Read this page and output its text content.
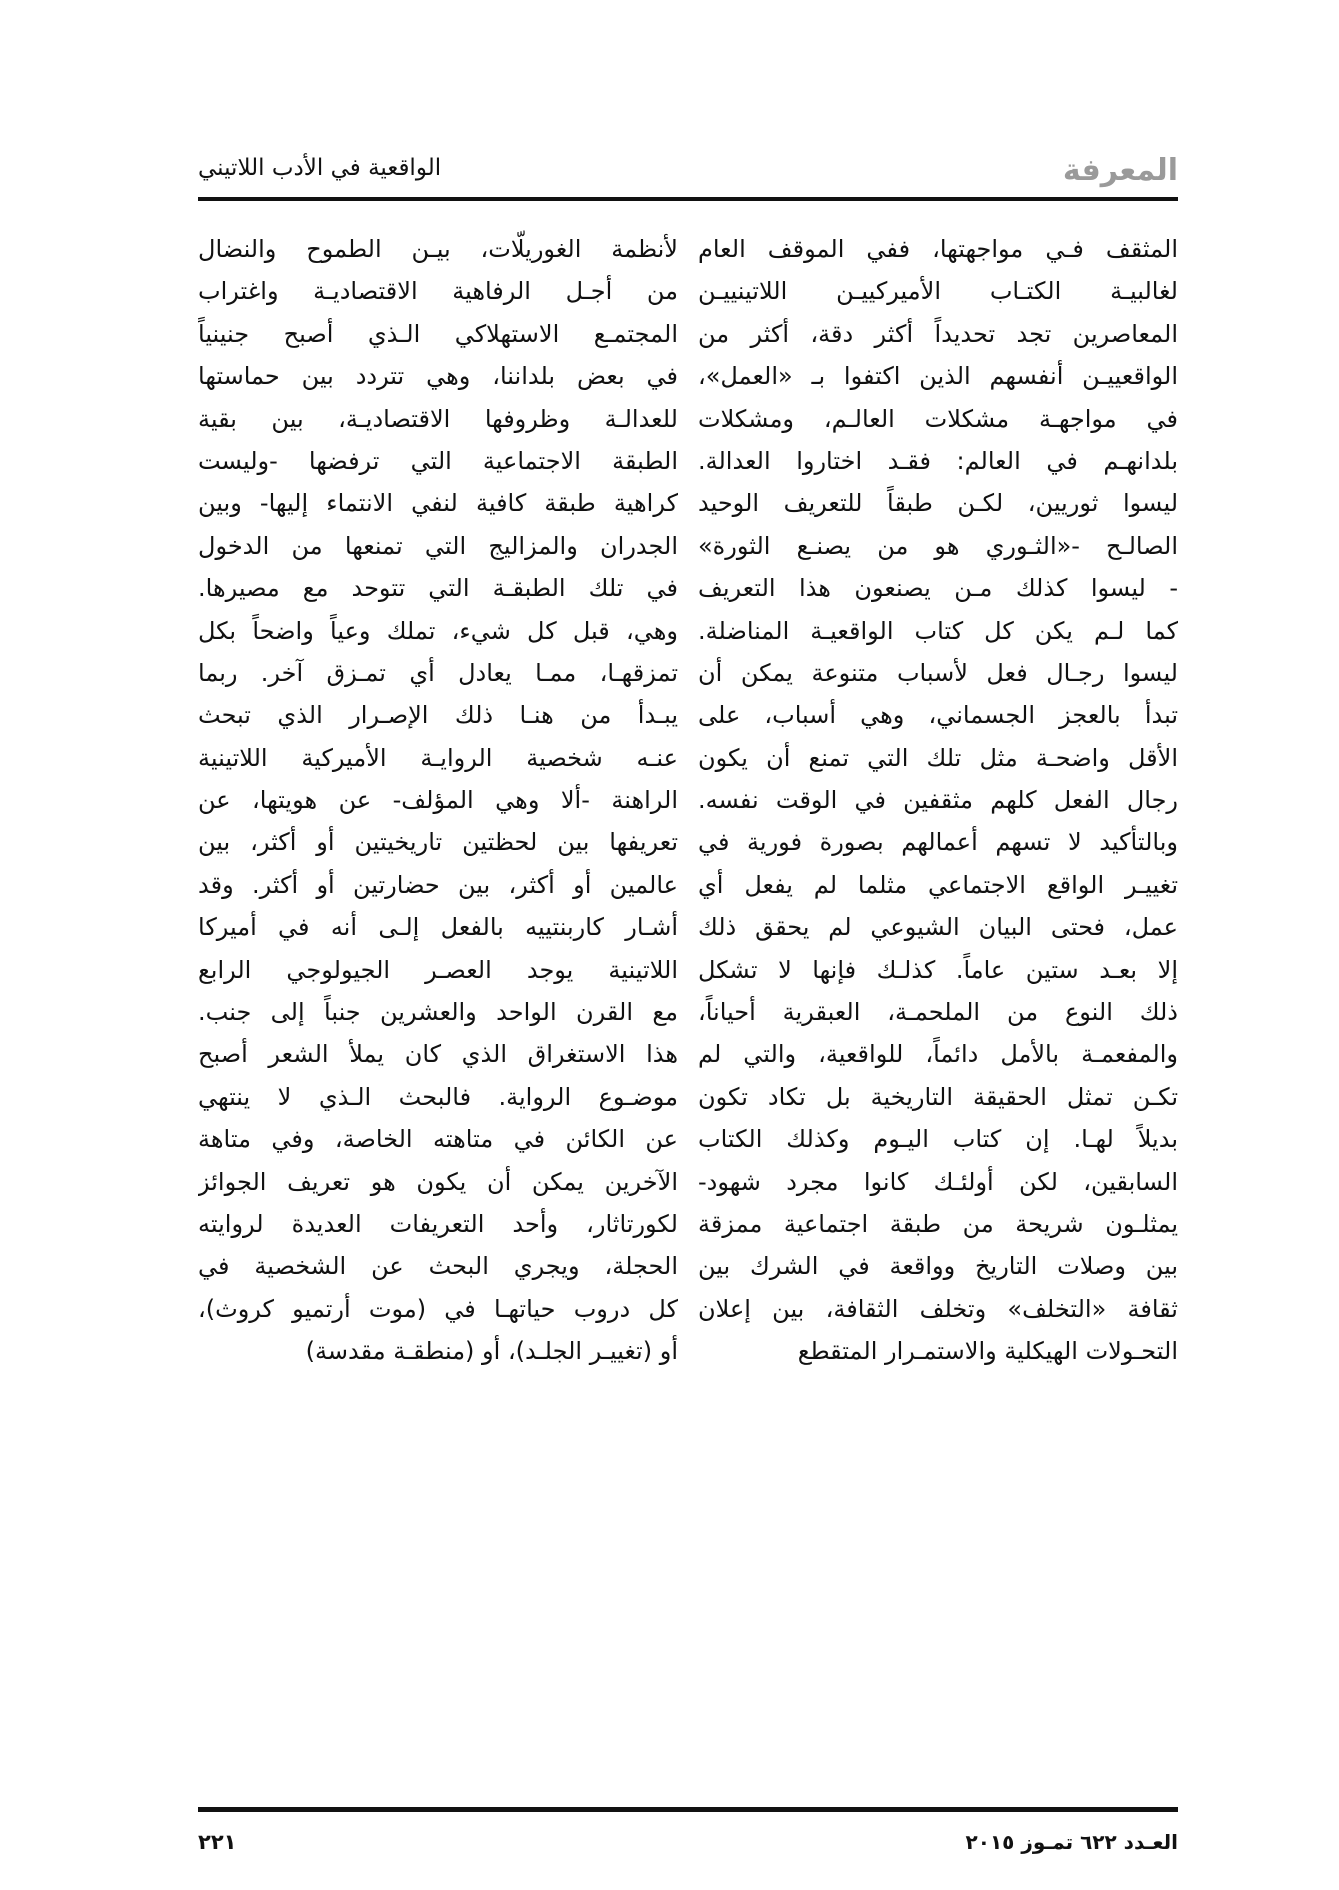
المعرفة
الواقعية في الأدب اللاتيني
المثقف فـي مواجهتها، ففي الموقف العام
لغالبيـة الكتـاب الأميركييـن اللاتينييـن
المعاصرين تجد تحديداً أكثر دقة، أكثر من
الواقعييـن أنفسهم الذين اكتفوا بـ «العمل»،
في مواجهـة مشكلات العالـم، ومشكلات
بلدانهـم في العالم: فقـد اختاروا العدالة.
ليسوا ثوريين، لكـن طبقاً للتعريف الوحيد
الصالـح -«الثـوري هو من يصنـع الثورة»
- ليسوا كذلك مـن يصنعون هذا التعريف
كما لـم يكن كل كتاب الواقعيـة المناضلة.
ليسوا رجـال فعل لأسباب متنوعة يمكن أن
تبدأ بالعجز الجسماني، وهي أسباب، على
الأقل واضحـة مثل تلك التي تمنع أن يكون
رجال الفعل كلهم مثقفين في الوقت نفسه.
وبالتأكيد لا تسهم أعمالهم بصورة فورية في
تغييـر الواقع الاجتماعي مثلما لم يفعل أي
عمل، فحتى البيان الشيوعي لم يحقق ذلك
إلا بعـد ستين عاماً. كذلـك فإنها لا تشكل
ذلك النوع من الملحمـة، العبقرية أحياناً،
والمفعمـة بالأمل دائماً، للواقعية، والتي لم
تكـن تمثل الحقيقة التاريخية بل تكاد تكون
بديلاً لهـا. إن كتاب اليـوم وكذلك الكتاب
السابقين، لكن أولئـك كانوا مجرد شهود-
يمثلـون شريحة من طبقة اجتماعية ممزقة
بين وصلات التاريخ وواقعة في الشرك بين
ثقافة «التخلف» وتخلف الثقافة، بين إعلان
التحـولات الهيكلية والاستمـرار المتقطع
لأنظمة الغوريلّات، بيـن الطموح والنضال
من أجـل الرفاهية الاقتصاديـة واغتراب
المجتمـع الاستهلاكي الـذي أصبح جنينياً
في بعض بلداننا، وهي تتردد بين حماستها
للعدالـة وظروفها الاقتصاديـة، بين بقية
الطبقة الاجتماعية التي ترفضها -وليست
كراهية طبقة كافية لنفي الانتماء إليها- وبين
الجدران والمزاليج التي تمنعها من الدخول
في تلك الطبقـة التي تتوحد مع مصيرها.
وهي، قبل كل شيء، تملك وعياً واضحاً بكل
تمزقهـا، ممـا يعادل أي تمـزق آخر. ربما
يبـدأ من هنـا ذلك الإصـرار الذي تبحث
عنـه شخصية الروايـة الأميركية اللاتينية
الراهنة -ألا وهي المؤلف- عن هويتها، عن
تعريفها بين لحظتين تاريخيتين أو أكثر، بين
عالمين أو أكثر، بين حضارتين أو أكثر. وقد
أشـار كاربنتييه بالفعل إلـى أنه في أميركا
اللاتينية يوجد العصـر الجيولوجي الرابع
مع القرن الواحد والعشرين جنباً إلى جنب.
هذا الاستغراق الذي كان يملأ الشعر أصبح
موضـوع الرواية. فالبحث الـذي لا ينتهي
عن الكائن في متاهته الخاصة، وفي متاهة
الآخرين يمكن أن يكون هو تعريف الجوائز
لكورتاثار، وأحد التعريفات العديدة لروايته
الحجلة، ويجري البحث عن الشخصية في
كل دروب حياتهـا في (موت أرتميو كروث)،
أو (تغييـر الجلـد)، أو (منطقـة مقدسة)
العـدد ٦٢٢ تمـوز ٢٠١٥
٢٢١
